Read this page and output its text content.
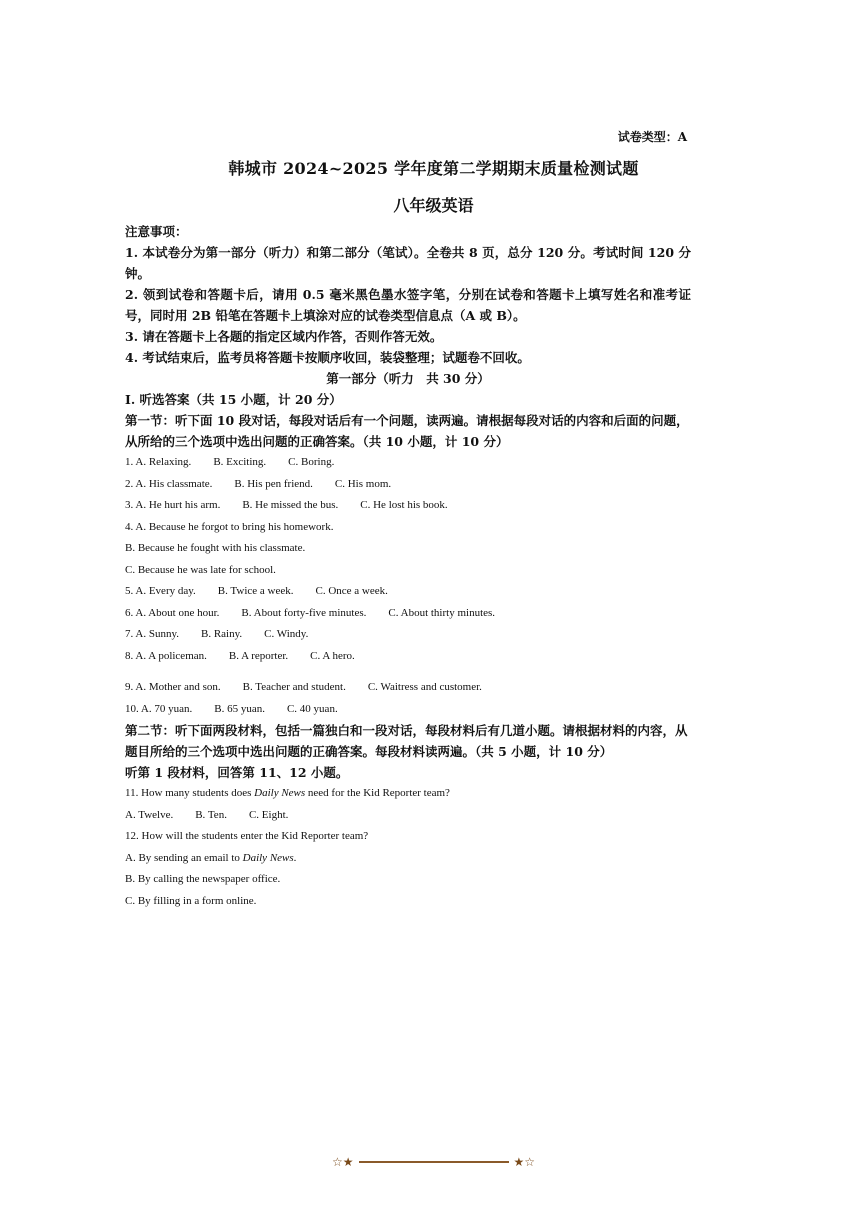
试卷类型：A
韩城市 2024~2025 学年度第二学期期末质量检测试题
八年级英语

注意事项：

1. 本试卷分为第一部分（听力）和第二部分（笔试）。全卷共 8 页，总分 120 分。考试时间 120 分钟。

2. 领到试卷和答题卡后，请用 0.5 毫米黑色墨水签字笔，分别在试卷和答题卡上填写姓名和准考证号，同时用 2B 铅笔在答题卡上填涂对应的试卷类型信息点（A 或 B）。

3. 请在答题卡上各题的指定区域内作答，否则作答无效。

4. 考试结束后，监考员将答题卡按顺序收回，装袋整理；试题卷不回收。

第一部分（听力　共 30 分）

Ⅰ. 听选答案（共 15 小题，计 20 分）

第一节：听下面 10 段对话，每段对话后有一个问题，读两遍。请根据每段对话的内容和后面的问题，从所给的三个选项中选出问题的正确答案。（共 10 小题，计 10 分）

1. A. Relaxing. B. Exciting. C. Boring.

2. A. His classmate. B. His pen friend. C. His mom.

3. A. He hurt his arm. B. He missed the bus. C. He lost his book.

4. A. Because he forgot to bring his homework.

B. Because he fought with his classmate.

C. Because he was late for school.

5. A. Every day. B. Twice a week. C. Once a week.

6. A. About one hour. B. About forty-five minutes. C. About thirty minutes.

7. A. Sunny. B. Rainy. C. Windy.

8. A. A policeman. B. A reporter. C. A hero.

9. A. Mother and son. B. Teacher and student. C. Waitress and customer.

10. A. 70 yuan. B. 65 yuan. C. 40 yuan.

第二节：听下面两段材料，包括一篇独白和一段对话，每段材料后有几道小题。请根据材料的内容，从题目所给的三个选项中选出问题的正确答案。每段材料读两遍。（共 5 小题，计 10 分）

听第 1 段材料，回答第 11、12 小题。

11. How many students does Daily News need for the Kid Reporter team?

A. Twelve. B. Ten. C. Eight.

12. How will the students enter the Kid Reporter team?

A. By sending an email to Daily News.

B. By calling the newspaper office.

C. By filling in a form online.

☆★	★☆
